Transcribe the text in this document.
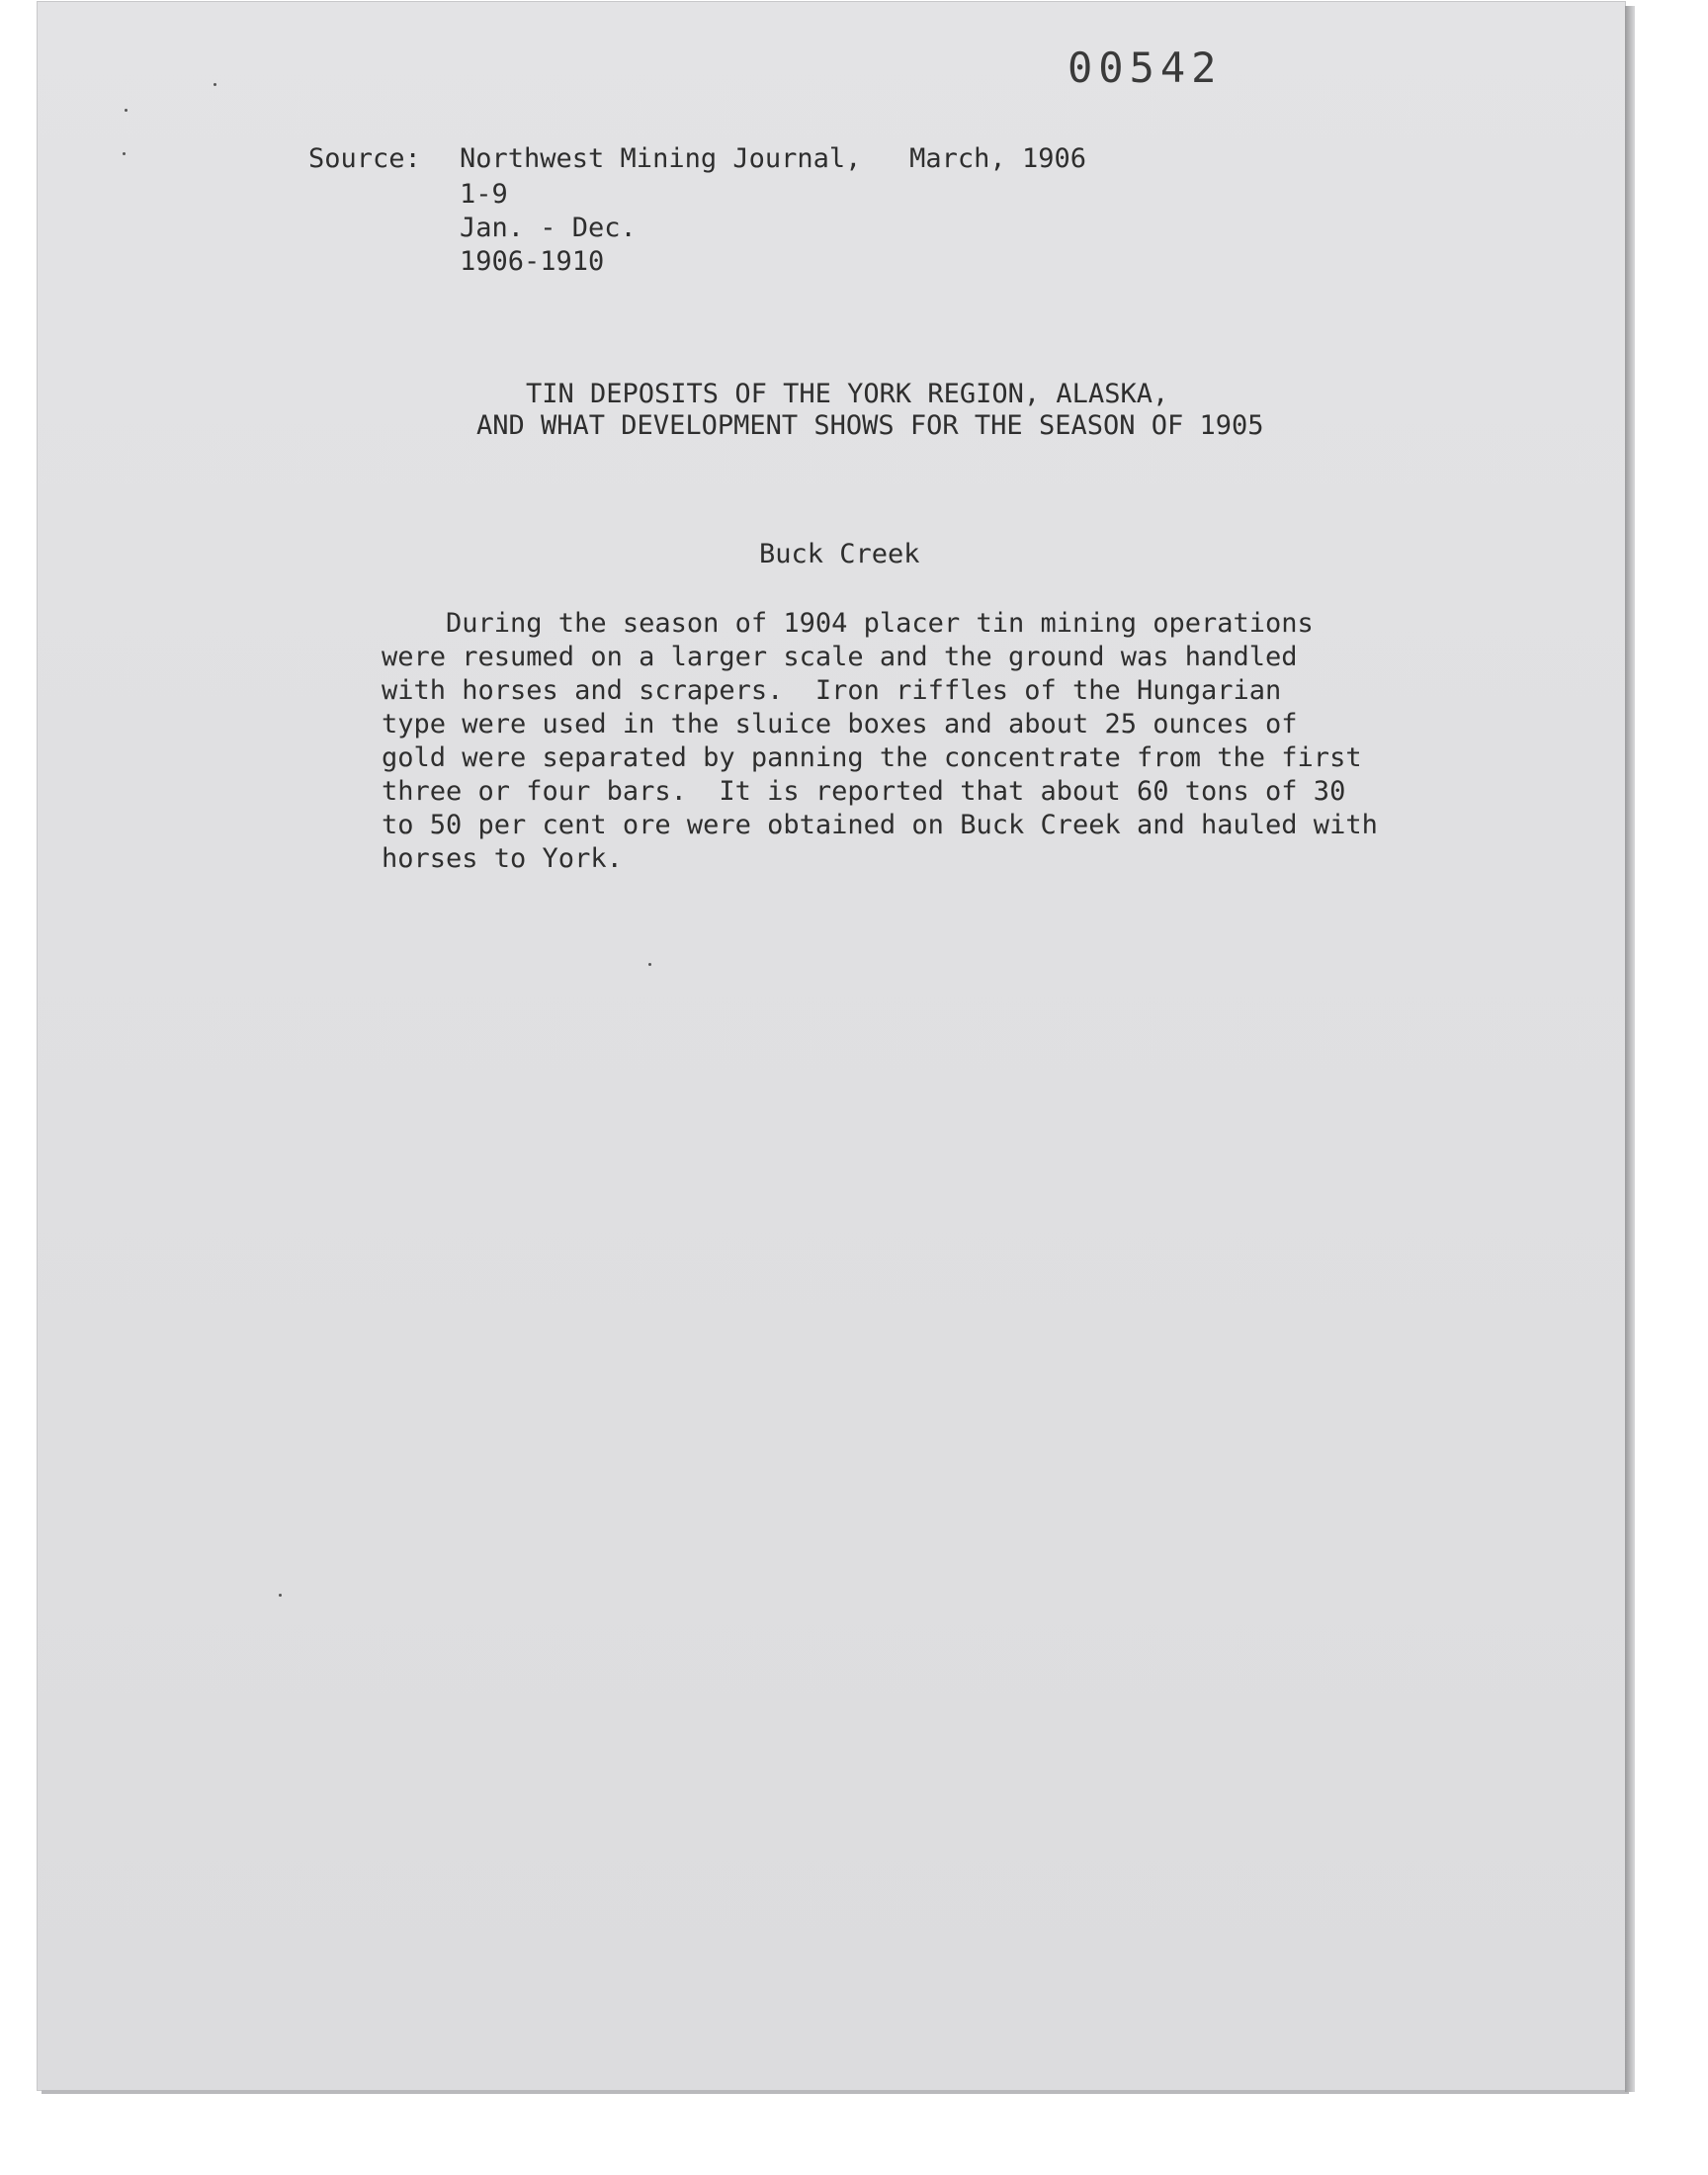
00542
Source: Northwest Mining Journal,   March, 1906
1-9
Jan. - Dec.
1906-1910
TIN DEPOSITS OF THE YORK REGION, ALASKA,
AND WHAT DEVELOPMENT SHOWS FOR THE SEASON OF 1905
Buck Creek
During the season of 1904 placer tin mining operations
were resumed on a larger scale and the ground was handled
with horses and scrapers.  Iron riffles of the Hungarian
type were used in the sluice boxes and about 25 ounces of
gold were separated by panning the concentrate from the first
three or four bars.  It is reported that about 60 tons of 30
to 50 per cent ore were obtained on Buck Creek and hauled with
horses to York.
